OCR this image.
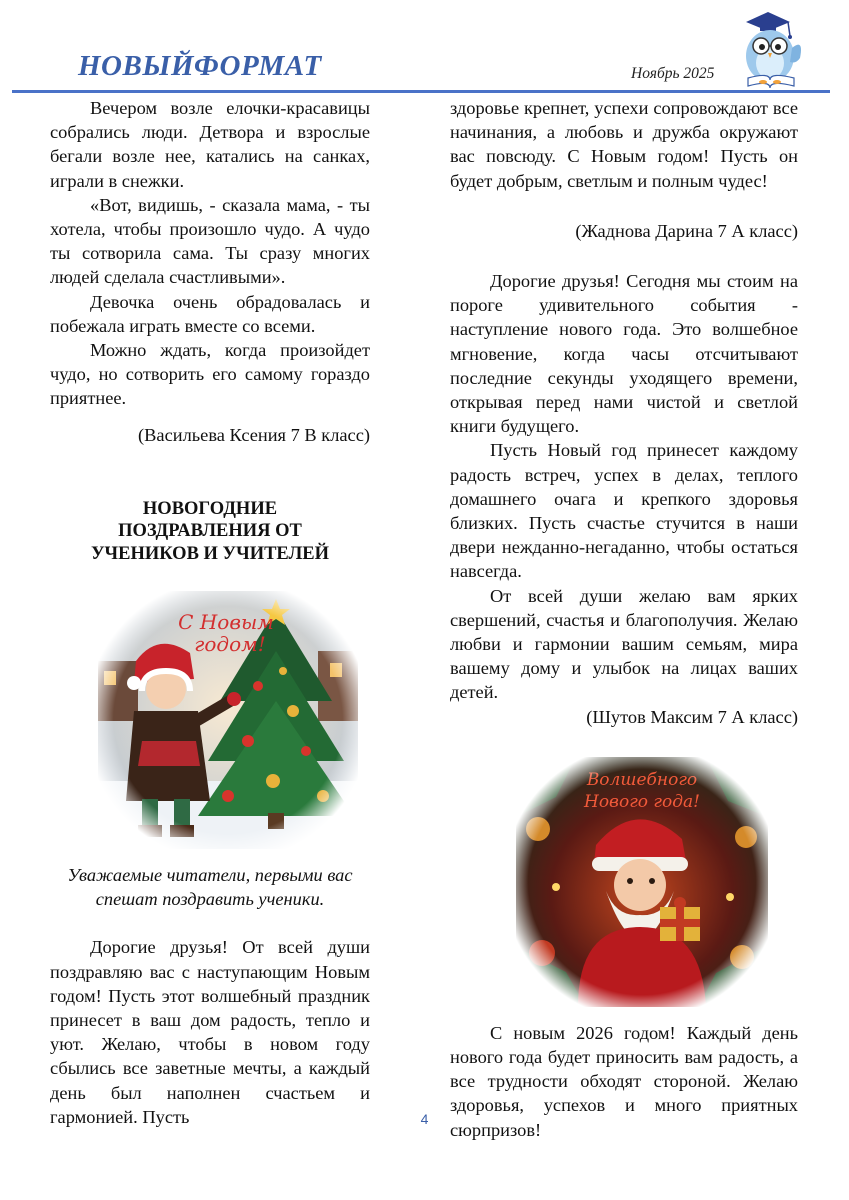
НОВЫЙФОРМАТ	Ноябрь 2025

Вечером возле елочки-красавицы собрались люди. Детвора и взрослые бегали возле нее, катались на санках, играли в снежки.

«Вот, видишь, - сказала мама, - ты хотела, чтобы произошло чудо. А чудо ты сотворила сама. Ты сразу многих людей сделала счастливыми».

Девочка очень обрадовалась и побежала играть вместе со всеми.

Можно ждать, когда произойдет чудо, но сотворить его самому гораздо приятнее.

(Васильева Ксения 7 В класс)

НОВОГОДНИЕ ПОЗДРАВЛЕНИЯ ОТ УЧЕНИКОВ И УЧИТЕЛЕЙ

Уважаемые читатели, первыми вас спешат поздравить ученики.

Дорогие друзья! От всей души поздравляю вас с наступающим Новым годом! Пусть этот волшебный праздник принесет в ваш дом радость, тепло и уют. Желаю, чтобы в новом году сбылись все заветные мечты, а каждый день был наполнен счастьем и гармонией. Пусть

здоровье крепнет, успехи сопровождают все начинания, а любовь и дружба окружают вас повсюду. С Новым годом! Пусть он будет добрым, светлым и полным чудес!

(Жаднова Дарина 7 А класс)

Дорогие друзья! Сегодня мы стоим на пороге удивительного события - наступление нового года. Это волшебное мгновение, когда часы отсчитывают последние секунды уходящего времени, открывая перед нами чистой и светлой книги будущего.

Пусть Новый год принесет каждому радость встреч, успех в делах, теплого домашнего очага и крепкого здоровья близких. Пусть счастье стучится в наши двери нежданно-негаданно, чтобы остаться навсегда.

От всей души желаю вам ярких свершений, счастья и благополучия. Желаю любви и гармонии вашим семьям, мира вашему дому и улыбок на лицах ваших детей.

(Шутов Максим 7 А класс)

С новым 2026 годом! Каждый день нового года будет приносить вам радость, а все трудности обходят стороной. Желаю здоровья, успехов и много приятных сюрпризов!

4
